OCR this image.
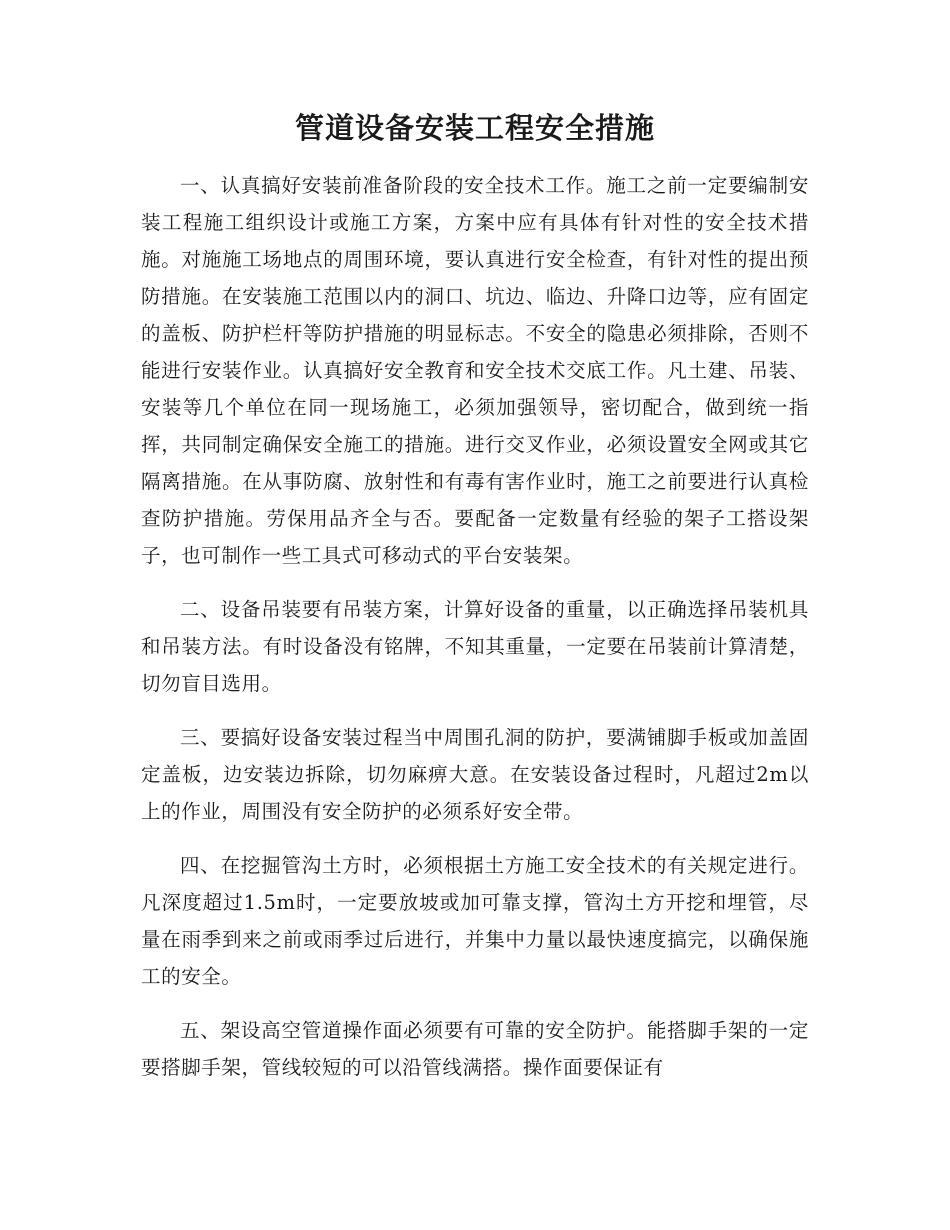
管道设备安装工程安全措施

一、认真搞好安装前准备阶段的安全技术工作。施工之前一定要编制安装工程施工组织设计或施工方案，方案中应有具体有针对性的安全技术措施。对施施工场地点的周围环境，要认真进行安全检查，有针对性的提出预防措施。在安装施工范围以内的洞口、坑边、临边、升降口边等，应有固定的盖板、防护栏杆等防护措施的明显标志。不安全的隐患必须排除，否则不能进行安装作业。认真搞好安全教育和安全技术交底工作。凡土建、吊装、安装等几个单位在同一现场施工，必须加强领导，密切配合，做到统一指挥，共同制定确保安全施工的措施。进行交叉作业，必须设置安全网或其它隔离措施。在从事防腐、放射性和有毒有害作业时，施工之前要进行认真检查防护措施。劳保用品齐全与否。要配备一定数量有经验的架子工搭设架子，也可制作一些工具式可移动式的平台安装架。

二、设备吊装要有吊装方案，计算好设备的重量，以正确选择吊装机具和吊装方法。有时设备没有铭牌，不知其重量，一定要在吊装前计算清楚，切勿盲目选用。

三、要搞好设备安装过程当中周围孔洞的防护，要满铺脚手板或加盖固定盖板，边安装边拆除，切勿麻痹大意。在安装设备过程时，凡超过2m以上的作业，周围没有安全防护的必须系好安全带。

四、在挖掘管沟土方时，必须根据土方施工安全技术的有关规定进行。凡深度超过1.5m时，一定要放坡或加可靠支撑，管沟土方开挖和埋管，尽量在雨季到来之前或雨季过后进行，并集中力量以最快速度搞完，以确保施工的安全。

五、架设高空管道操作面必须要有可靠的安全防护。能搭脚手架的一定要搭脚手架，管线较短的可以沿管线满搭。操作面要保证有
